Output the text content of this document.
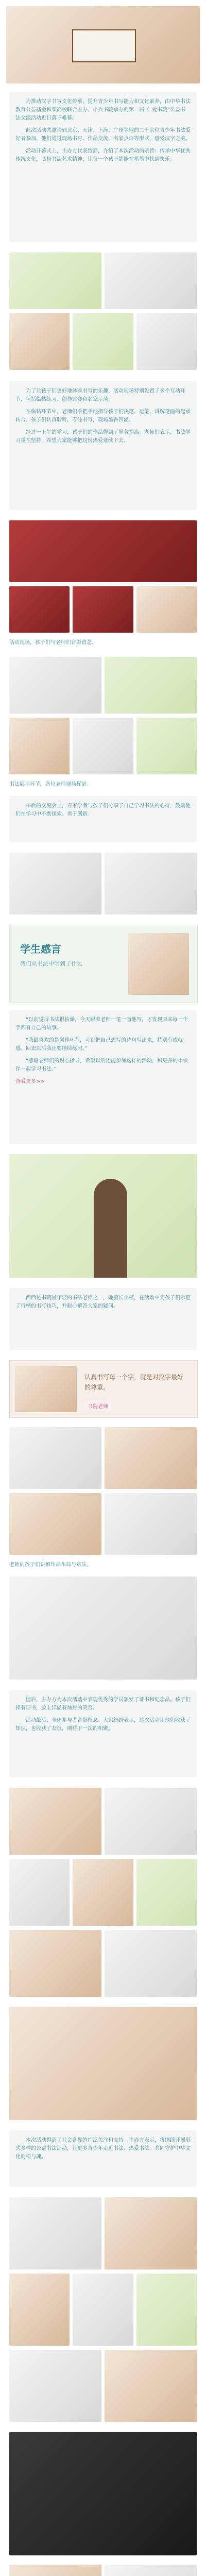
为推动汉字书写文化传承，提升青少年书写能力和文化素养，由中华书法教育公益基金和某高校联合主办、小兵书院承办的第一届“仁爱书院”公益书法交流活动近日落下帷幕。

此次活动共邀请到北京、天津、上海、广州等地的二十余位青少年书法爱好者参加，他们通过现场书写、作品交流、名家点评等形式，感受汉字之美。

活动开幕式上，主办方代表致辞，介绍了本次活动的宗旨：传承中华优秀传统文化，弘扬书法艺术精神，让每一个孩子都能在笔墨中找到快乐。

为了让孩子们更好地体验书写的乐趣，活动现场特别设置了多个互动环节，包括临帖练习、创作比赛和名家示范。

在临帖环节中，老师们手把手地指导孩子们执笔、运笔，讲解笔画的起承转合。孩子们认真聆听，专注书写，现场墨香四溢。

经过一上午的学习，孩子们的作品得到了显著提高。老师们表示，书法学习重在坚持，希望大家能够把这份热爱延续下去。

活动现场，孩子们与老师们合影留念。
书法展示环节，各位老师现场挥毫。

午后的交流会上，专家学者与孩子们分享了自己学习书法的心得，鼓励他们在学习中不断探索、勇于创新。

学生感言
我们从书法中学到了什么

“以前觉得书法很枯燥，今天跟着老师一笔一画地写，才发现原来每一个字都有自己的故事。”

“我最喜欢的是创作环节，可以把自己想写的诗句写出来，特别有成就感。回去以后我还要继续练习。”

“感谢老师们的耐心指导，希望以后还能参加这样的活动，和更多的小伙伴一起学习书法。”

查看更多>>

西西是书院最年轻的书法老师之一，她擅长小楷，在活动中为孩子们示范了行楷的书写技巧，并耐心解答大家的疑问。

认真书写每一个字，就是对汉字最好的尊重。
书院老师
老师向孩子们讲解作品布局与章法。

随后，主办方为本次活动中表现优秀的学员颁发了证书和纪念品。孩子们捧着证书，脸上洋溢着灿烂的笑容。

活动最后，全体参与者合影留念。大家纷纷表示，这次活动让他们收获了知识，也收获了友谊，期待下一次的相聚。

本次活动得到了社会各界的广泛关注和支持。主办方表示，将继续开展形式多样的公益书法活动，让更多青少年走近书法、热爱书法，共同守护中华文化的根与魂。
